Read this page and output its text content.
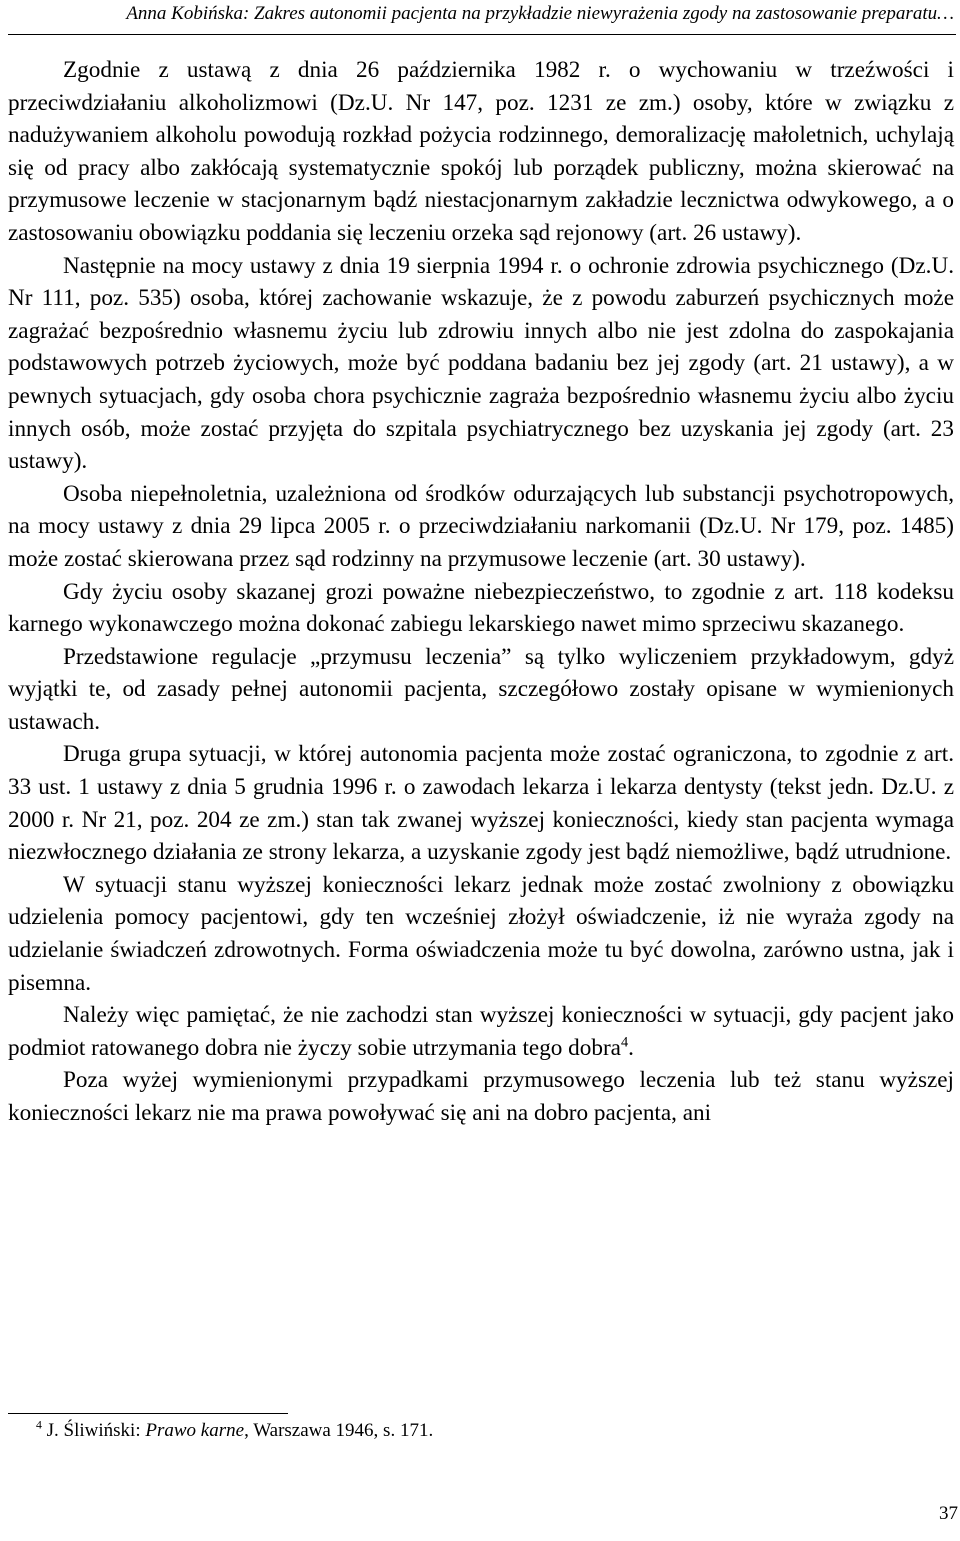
Anna Kobińska: Zakres autonomii pacjenta na przykładzie niewyrażenia zgody na zastosowanie preparatu…

Zgodnie z ustawą z dnia 26 października 1982 r. o wychowaniu w trzeźwości i przeciwdziałaniu alkoholizmowi (Dz.U. Nr 147, poz. 1231 ze zm.) osoby, które w związku z nadużywaniem alkoholu powodują rozkład pożycia rodzinnego, demoralizację małoletnich, uchylają się od pracy albo zakłócają systematycznie spokój lub porządek publiczny, można skierować na przymusowe leczenie w stacjonarnym bądź niestacjonarnym zakładzie lecznictwa odwykowego, a o zastosowaniu obowiązku poddania się leczeniu orzeka sąd rejonowy (art. 26 ustawy).

Następnie na mocy ustawy z dnia 19 sierpnia 1994 r. o ochronie zdrowia psychicznego (Dz.U. Nr 111, poz. 535) osoba, której zachowanie wskazuje, że z powodu zaburzeń psychicznych może zagrażać bezpośrednio własnemu życiu lub zdrowiu innych albo nie jest zdolna do zaspokajania podstawowych potrzeb życiowych, może być poddana badaniu bez jej zgody (art. 21 ustawy), a w pewnych sytuacjach, gdy osoba chora psychicznie zagraża bezpośrednio własnemu życiu albo życiu innych osób, może zostać przyjęta do szpitala psychiatrycznego bez uzyskania jej zgody (art. 23 ustawy).

Osoba niepełnoletnia, uzależniona od środków odurzających lub substancji psychotropowych, na mocy ustawy z dnia 29 lipca 2005 r. o przeciwdziałaniu narkomanii (Dz.U. Nr 179, poz. 1485) może zostać skierowana przez sąd rodzinny na przymusowe leczenie (art. 30 ustawy).

Gdy życiu osoby skazanej grozi poważne niebezpieczeństwo, to zgodnie z art. 118 kodeksu karnego wykonawczego można dokonać zabiegu lekarskiego nawet mimo sprzeciwu skazanego.

Przedstawione regulacje „przymusu leczenia” są tylko wyliczeniem przykładowym, gdyż wyjątki te, od zasady pełnej autonomii pacjenta, szczegółowo zostały opisane w wymienionych ustawach.

Druga grupa sytuacji, w której autonomia pacjenta może zostać ograniczona, to zgodnie z art. 33 ust. 1 ustawy z dnia 5 grudnia 1996 r. o zawodach lekarza i lekarza dentysty (tekst jedn. Dz.U. z 2000 r. Nr 21, poz. 204 ze zm.) stan tak zwanej wyższej konieczności, kiedy stan pacjenta wymaga niezwłocznego działania ze strony lekarza, a uzyskanie zgody jest bądź niemożliwe, bądź utrudnione.

W sytuacji stanu wyższej konieczności lekarz jednak może zostać zwolniony z obowiązku udzielenia pomocy pacjentowi, gdy ten wcześniej złożył oświadczenie, iż nie wyraża zgody na udzielanie świadczeń zdrowotnych. Forma oświadczenia może tu być dowolna, zarówno ustna, jak i pisemna.

Należy więc pamiętać, że nie zachodzi stan wyższej konieczności w sytuacji, gdy pacjent jako podmiot ratowanego dobra nie życzy sobie utrzymania tego dobra$^4$.

Poza wyżej wymienionymi przypadkami przymusowego leczenia lub też stanu wyższej konieczności lekarz nie ma prawa powoływać się ani na dobro pacjenta, ani

$^4$ J. Śliwiński: Prawo karne, Warszawa 1946, s. 171.
37
